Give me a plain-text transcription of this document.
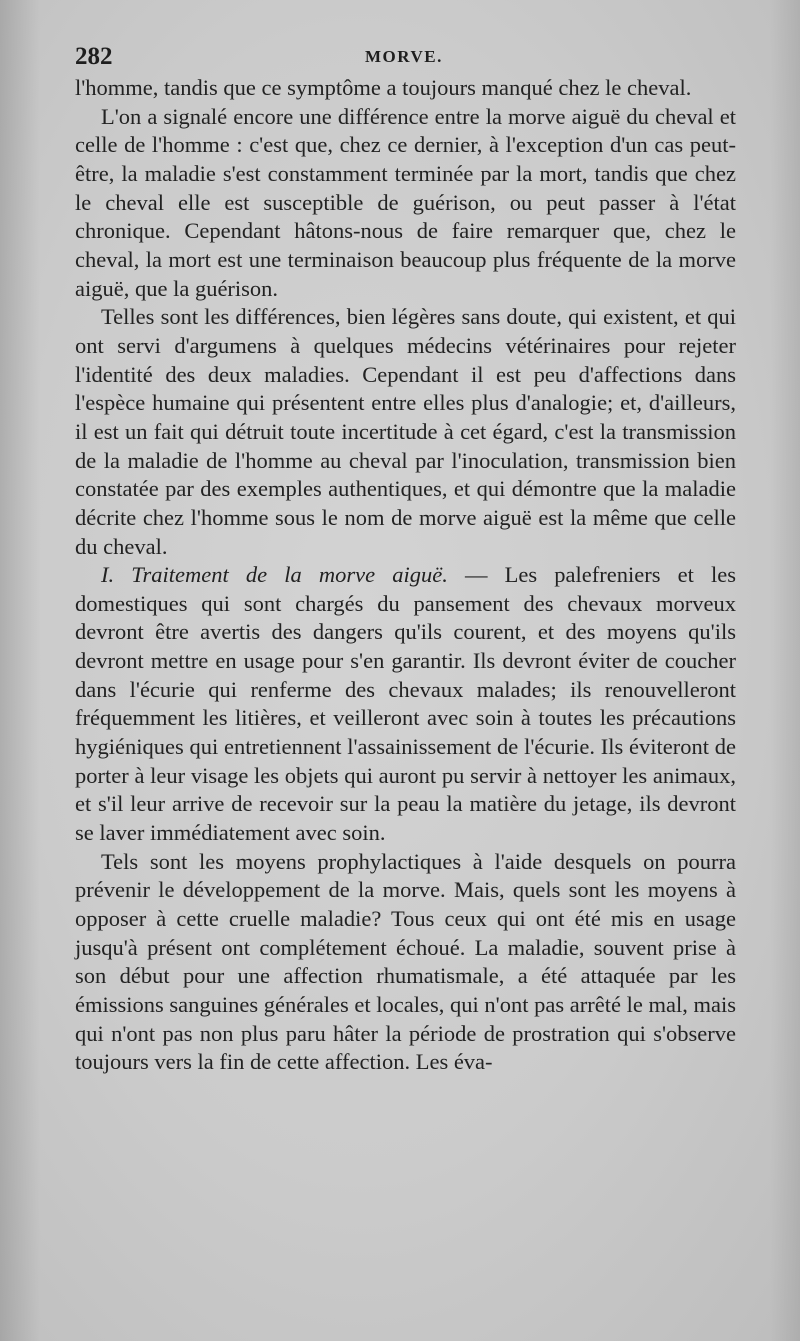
282	MORVE.

l'homme, tandis que ce symptôme a toujours manqué chez le cheval.

L'on a signalé encore une différence entre la morve aiguë du cheval et celle de l'homme : c'est que, chez ce dernier, à l'exception d'un cas peut-être, la maladie s'est constamment terminée par la mort, tandis que chez le cheval elle est susceptible de guérison, ou peut passer à l'état chronique. Cependant hâtons-nous de faire remarquer que, chez le cheval, la mort est une terminaison beaucoup plus fréquente de la morve aiguë, que la guérison.

Telles sont les différences, bien légères sans doute, qui existent, et qui ont servi d'argumens à quelques médecins vétérinaires pour rejeter l'identité des deux maladies. Cependant il est peu d'affections dans l'espèce humaine qui présentent entre elles plus d'analogie; et, d'ailleurs, il est un fait qui détruit toute incertitude à cet égard, c'est la transmission de la maladie de l'homme au cheval par l'inoculation, transmission bien constatée par des exemples authentiques, et qui démontre que la maladie décrite chez l'homme sous le nom de morve aiguë est la même que celle du cheval.

I. Traitement de la morve aiguë. — Les palefreniers et les domestiques qui sont chargés du pansement des chevaux morveux devront être avertis des dangers qu'ils courent, et des moyens qu'ils devront mettre en usage pour s'en garantir. Ils devront éviter de coucher dans l'écurie qui renferme des chevaux malades; ils renouvelleront fréquemment les litières, et veilleront avec soin à toutes les précautions hygiéniques qui entretiennent l'assainissement de l'écurie. Ils éviteront de porter à leur visage les objets qui auront pu servir à nettoyer les animaux, et s'il leur arrive de recevoir sur la peau la matière du jetage, ils devront se laver immédiatement avec soin.

Tels sont les moyens prophylactiques à l'aide desquels on pourra prévenir le développement de la morve. Mais, quels sont les moyens à opposer à cette cruelle maladie? Tous ceux qui ont été mis en usage jusqu'à présent ont complétement échoué. La maladie, souvent prise à son début pour une affection rhumatismale, a été attaquée par les émissions sanguines générales et locales, qui n'ont pas arrêté le mal, mais qui n'ont pas non plus paru hâter la période de prostration qui s'observe toujours vers la fin de cette affection. Les éva-
